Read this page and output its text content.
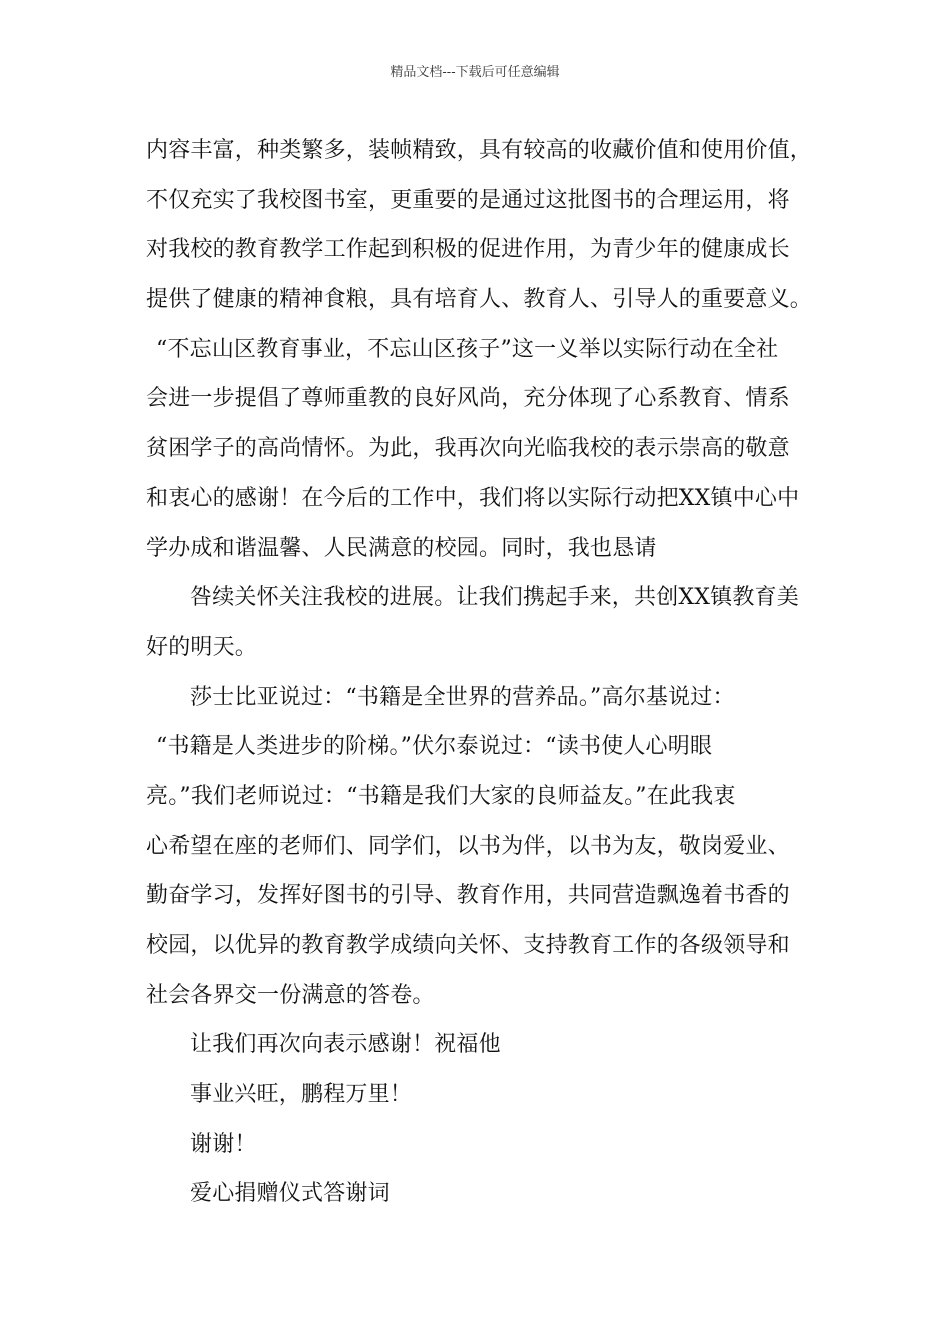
精品文档---下载后可任意编辑
内容丰富，种类繁多，装帧精致，具有较高的收藏价值和使用价值，
不仅充实了我校图书室，更重要的是通过这批图书的合理运用，将
对我校的教育教学工作起到积极的促进作用，为青少年的健康成长
提供了健康的精神食粮，具有培育人、教育人、引导人的重要意义。
“不忘山区教育事业，不忘山区孩子”这一义举以实际行动在全社
会进一步提倡了尊师重教的良好风尚，充分体现了心系教育、情系
贫困学子的高尚情怀。为此，我再次向光临我校的表示崇高的敬意
和衷心的感谢！在今后的工作中，我们将以实际行动把XX镇中心中
学办成和谐温馨、人民满意的校园。同时，我也恳请
咎续关怀关注我校的进展。让我们携起手来，共创XX镇教育美
好的明天。
莎士比亚说过：“书籍是全世界的营养品。”高尔基说过：
“书籍是人类进步的阶梯。”伏尔泰说过：“读书使人心明眼
亮。”我们老师说过：“书籍是我们大家的良师益友。”在此我衷
心希望在座的老师们、同学们，以书为伴，以书为友，敬岗爱业、
勤奋学习，发挥好图书的引导、教育作用，共同营造飘逸着书香的
校园，以优异的教育教学成绩向关怀、支持教育工作的各级领导和
社会各界交一份满意的答卷。
让我们再次向表示感谢！祝福他
事业兴旺，鹏程万里！
谢谢！
爱心捐赠仪式答谢词
